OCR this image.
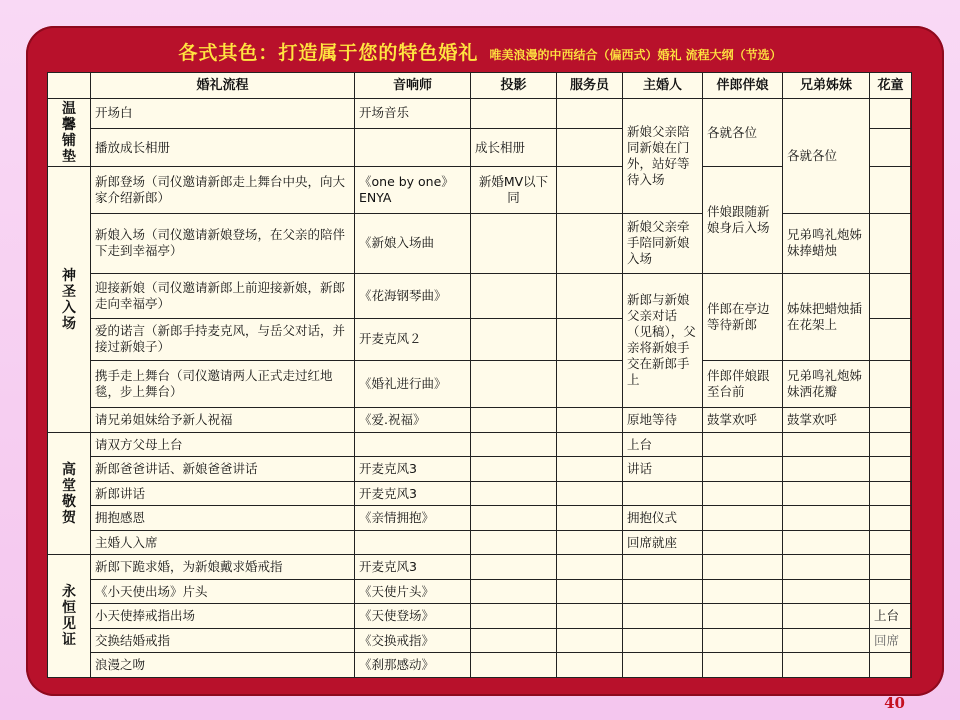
各式其色：打造属于您的特色婚礼 唯美浪漫的中西结合（偏西式）婚礼 流程大纲（节选）
	婚礼流程	音响师	投影	服务员	主婚人	伴郎伴娘	兄弟姊妹	花童

温
馨
铺
垫	开场白	开场音乐			新娘父亲陪同新娘在门外，站好等待入场	各就各位	各就各位	
	播放成长相册		成长相册					

神
圣
入
场	新郎登场（司仪邀请新郎走上舞台中央，向大家介绍新郎）	《one by one》ENYA	新婚MV以下同			伴娘跟随新娘身后入场		
	新娘入场（司仪邀请新娘登场，在父亲的陪伴下走到幸福亭）	《新娘入场曲			新娘父亲牵手陪同新娘入场		兄弟鸣礼炮姊妹捧蜡烛	
	迎接新娘（司仪邀请新郎上前迎接新娘，新郎走向幸福亭）	《花海钢琴曲》			新郎与新娘父亲对话（见稿），父亲将新娘手交在新郎手上	伴郎在亭边等待新郎	姊妹把蜡烛插在花架上	
	爱的诺言（新郎手持麦克风，与岳父对话，并接过新娘子）	开麦克风２						
	携手走上舞台（司仪邀请两人正式走过红地毯，步上舞台）	《婚礼进行曲》				伴郎伴娘跟至台前	兄弟鸣礼炮姊妹洒花瓣	
	请兄弟姐妹给予新人祝福	《爱.祝福》			原地等待	鼓掌欢呼	鼓掌欢呼	

高
堂
敬
贺	请双方父母上台				上台			
	新郎爸爸讲话、新娘爸爸讲话	开麦克风3			讲话			
	新郎讲话	开麦克风3						
	拥抱感恩	《亲情拥抱》			拥抱仪式			
	主婚人入席				回席就座			

永
恒
见
证	新郎下跪求婚，为新娘戴求婚戒指	开麦克风3						
	《小天使出场》片头	《天使片头》						
	小天使捧戒指出场	《天使登场》						上台
	交换结婚戒指	《交换戒指》						回席
	浪漫之吻	《刹那感动》						
40
